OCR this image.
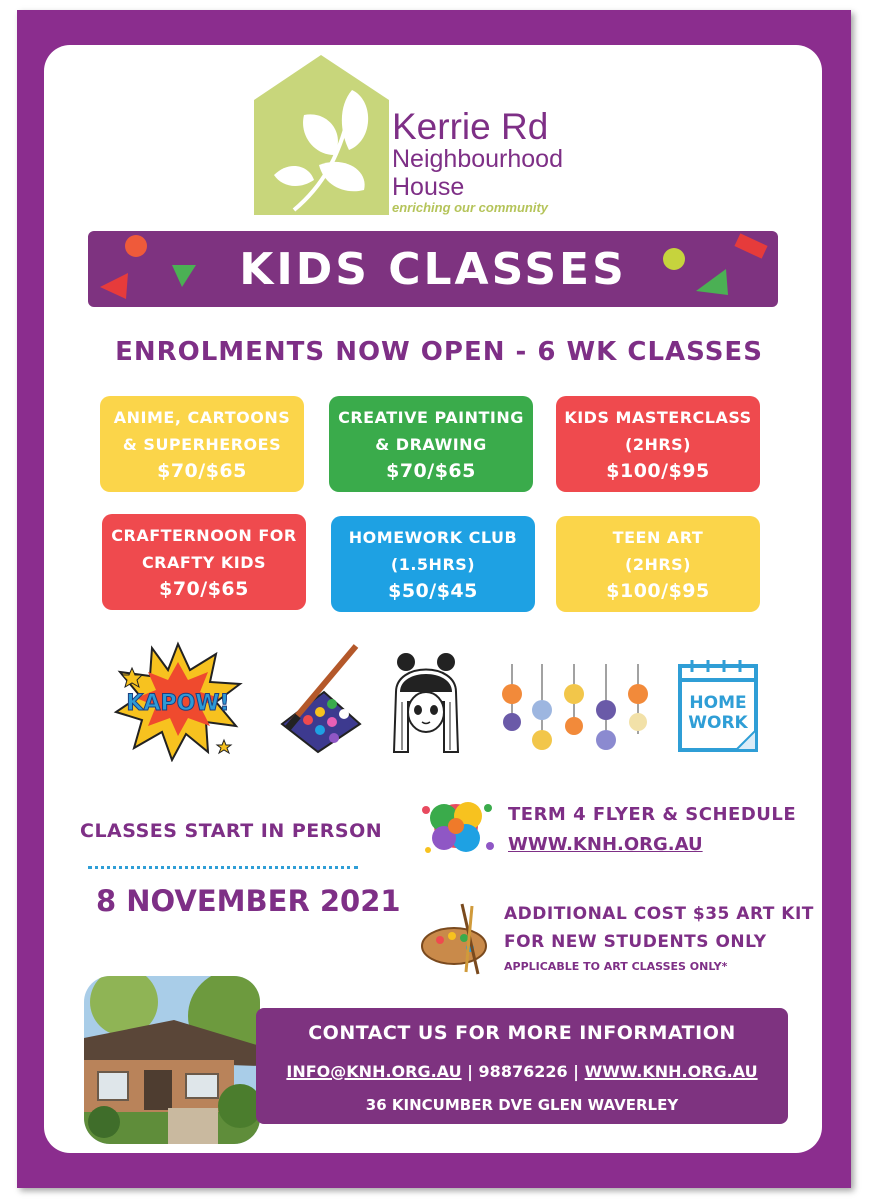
Kerrie Rd
Neighbourhood
House
enriching our community
KIDS CLASSES
ENROLMENTS NOW OPEN - 6 WK CLASSES
ANIME, CARTOONS
& SUPERHEROES
$70/$65
CREATIVE PAINTING
& DRAWING
$70/$65
KIDS MASTERCLASS
(2HRS)
$100/$95
CRAFTERNOON FOR
CRAFTY KIDS
$70/$65
HOMEWORK CLUB
(1.5HRS)
$50/$45
TEEN ART
(2HRS)
$100/$95
KAPOW!	HOME
WORK
CLASSES START IN PERSON
8 NOVEMBER 2021
TERM 4 FLYER & SCHEDULE
WWW.KNH.ORG.AU
ADDITIONAL COST $35 ART KIT
FOR NEW STUDENTS ONLY
APPLICABLE TO ART CLASSES ONLY*
CONTACT US FOR MORE INFORMATION
INFO@KNH.ORG.AU | 98876226 | WWW.KNH.ORG.AU
36 KINCUMBER DVE GLEN WAVERLEY
